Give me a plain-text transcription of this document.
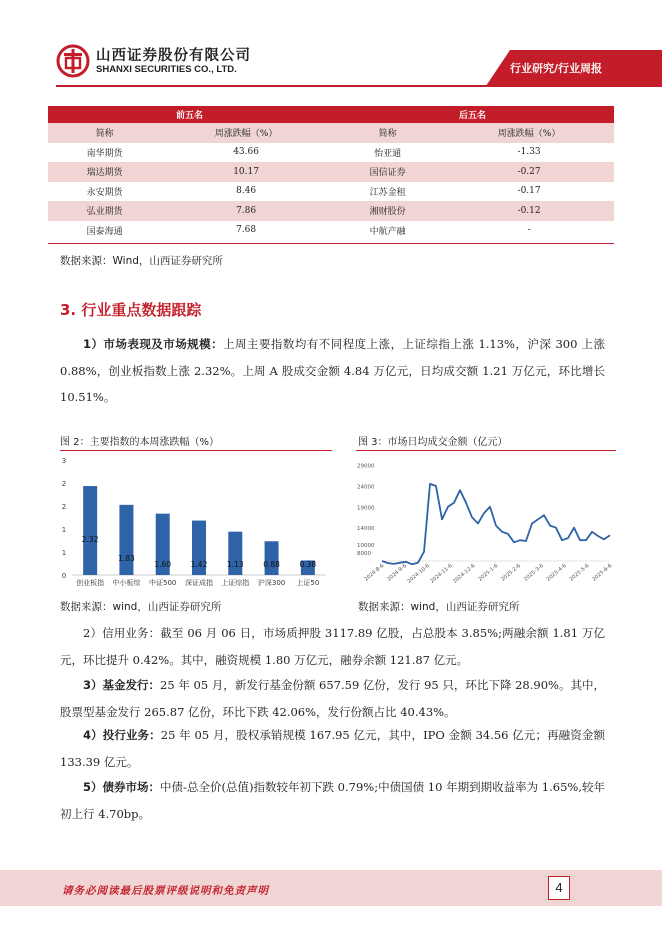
山西证券股份有限公司
SHANXI SECURITIES CO., LTD.	行业研究/行业周报
前五名		后五名	
简称	周涨跌幅（%）	简称	周涨跌幅（%）
南华期货	43.66	怡亚通	-1.33
瑞达期货	10.17	国信证券	-0.27
永安期货	8.46	江苏金租	-0.17
弘业期货	7.86	湘财股份	-0.12
国泰海通	7.68	中航产融	-
数据来源：Wind，山西证券研究所
3. 行业重点数据跟踪
1）市场表现及市场规模：上周主要指数均有不同程度上涨，上证综指上涨 1.13%，沪深 300 上涨 0.88%，创业板指数上涨 2.32%。上周 A 股成交金额 4.84 万亿元，日均成交额 1.21 万亿元，环比增长 10.51%。
图 2：主要指数的本周涨跌幅（%）	图 3：市场日均成交金额（亿元）
0
1
1
2
2
3
2.32
创业板指
1.83
中小板综
1.60
中证500
1.42
深证成指
1.13
上证综指
0.88
沪深300
0.38
上证50
8000
10000
14000
19000
24000
29000
2024-8-6 2024-9-6
2024-10-6
2024-11-6
2024-12-6 2025-1-6 2025-2-6 2025-3-6 2025-4-6 2025-5-6 2025-6-6
数据来源：wind，山西证券研究所	数据来源：wind，山西证券研究所
2）信用业务：截至 06 月 06 日，市场质押股 3117.89 亿股，占总股本 3.85%;两融余额 1.81 万亿元，环比提升 0.42%。其中，融资规模 1.80 万亿元，融券余额 121.87 亿元。
3）基金发行：25 年 05 月，新发行基金份额 657.59 亿份，发行 95 只，环比下降 28.90%。其中，股票型基金发行 265.87 亿份，环比下跌 42.06%，发行份额占比 40.43%。
4）投行业务：25 年 05 月，股权承销规模 167.95 亿元，其中，IPO 金额 34.56 亿元；再融资金额 133.39 亿元。
5）债券市场：中债-总全价(总值)指数较年初下跌 0.79%;中债国债 10 年期到期收益率为 1.65%,较年初上行 4.70bp。
请务必阅读最后股票评级说明和免责声明	4
